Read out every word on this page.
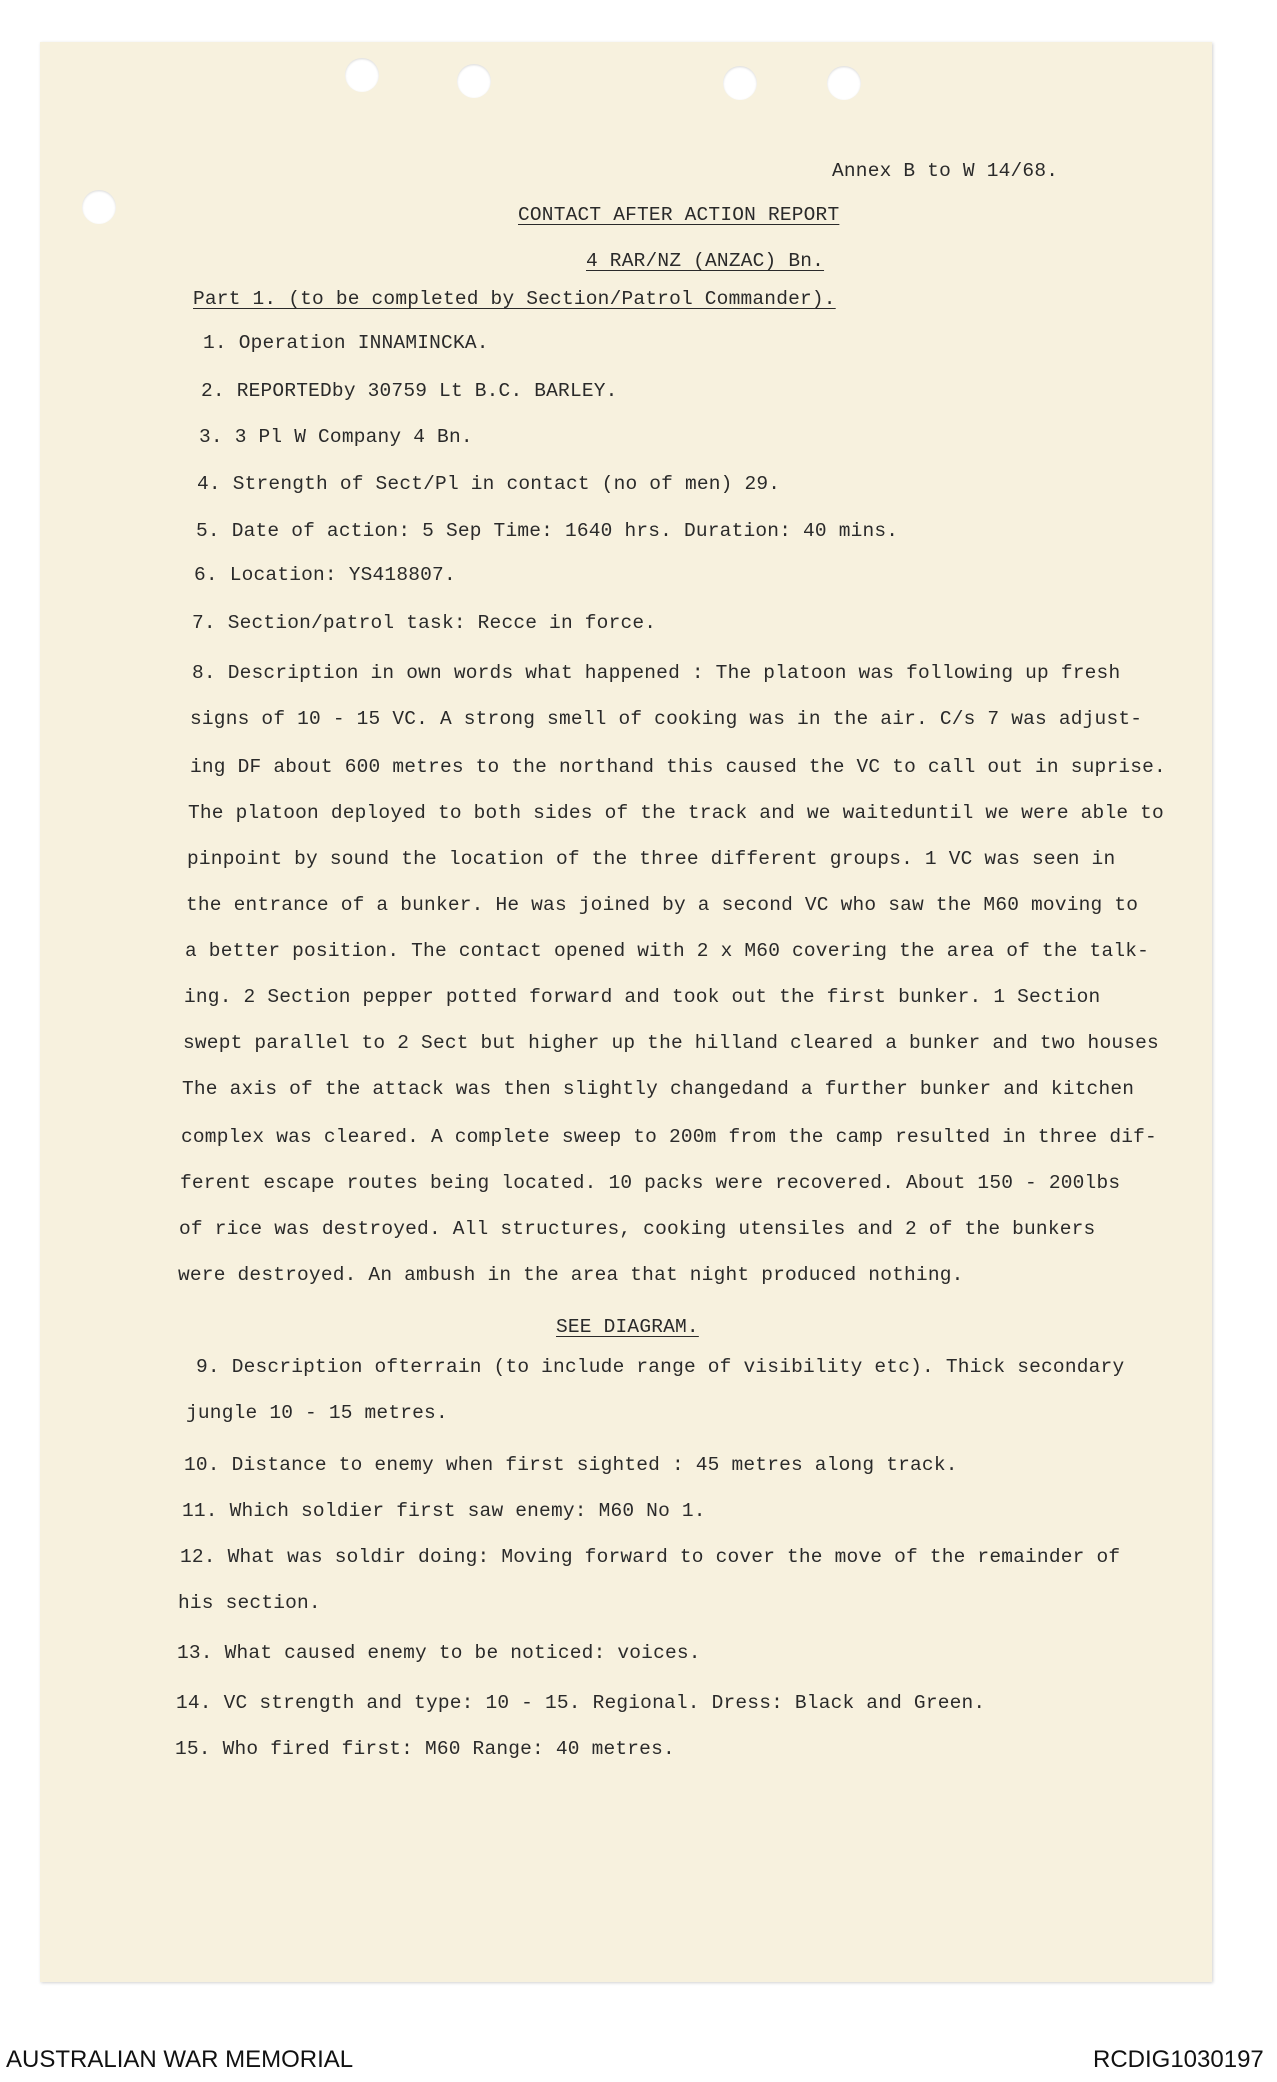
Annex B to W 14/68.
CONTACT AFTER ACTION REPORT
4 RAR/NZ (ANZAC) Bn.
Part 1. (to be completed by Section/Patrol Commander).
1. Operation INNAMINCKA.
2. REPORTEDby 30759 Lt B.C. BARLEY.
3. 3 Pl W Company 4 Bn.
4. Strength of Sect/Pl in contact (no of men) 29.
5. Date of action: 5 Sep Time: 1640 hrs. Duration: 40 mins.
6. Location: YS418807.
7. Section/patrol task: Recce in force.
8. Description in own words what happened : The platoon was following up fresh
signs of 10 - 15 VC. A strong smell of cooking was in the air. C/s 7 was adjust-
ing DF about 600 metres to the northand this caused the VC to call out in suprise.
The platoon deployed to both sides of the track and we waiteduntil we were able to
pinpoint by sound the location of the three different groups. 1 VC was seen in
the entrance of a bunker. He was joined by a second VC who saw the M60 moving to
a better position. The contact opened with 2 x M60 covering the area of the talk-
ing. 2 Section pepper potted forward and took out the first bunker. 1 Section
swept parallel to 2 Sect but higher up the hilland cleared a bunker and two houses
The axis of the attack was then slightly changedand a further bunker and kitchen
complex was cleared. A complete sweep to 200m from the camp resulted in three dif-
ferent escape routes being located. 10 packs were recovered. About 150 - 200lbs
of rice was destroyed. All structures, cooking utensiles and 2 of the bunkers
were destroyed. An ambush in the area that night produced nothing.
SEE DIAGRAM.
9. Description ofterrain (to include range of visibility etc). Thick secondary
jungle 10 - 15 metres.
10. Distance to enemy when first sighted : 45 metres along track.
11. Which soldier first saw enemy: M60 No 1.
12. What was soldir doing: Moving forward to cover the move of the remainder of
his section.
13. What caused enemy to be noticed: voices.
14. VC strength and type: 10 - 15. Regional. Dress: Black and Green.
15. Who fired first: M60 Range: 40 metres.
AUSTRALIAN WAR MEMORIAL	RCDIG1030197
